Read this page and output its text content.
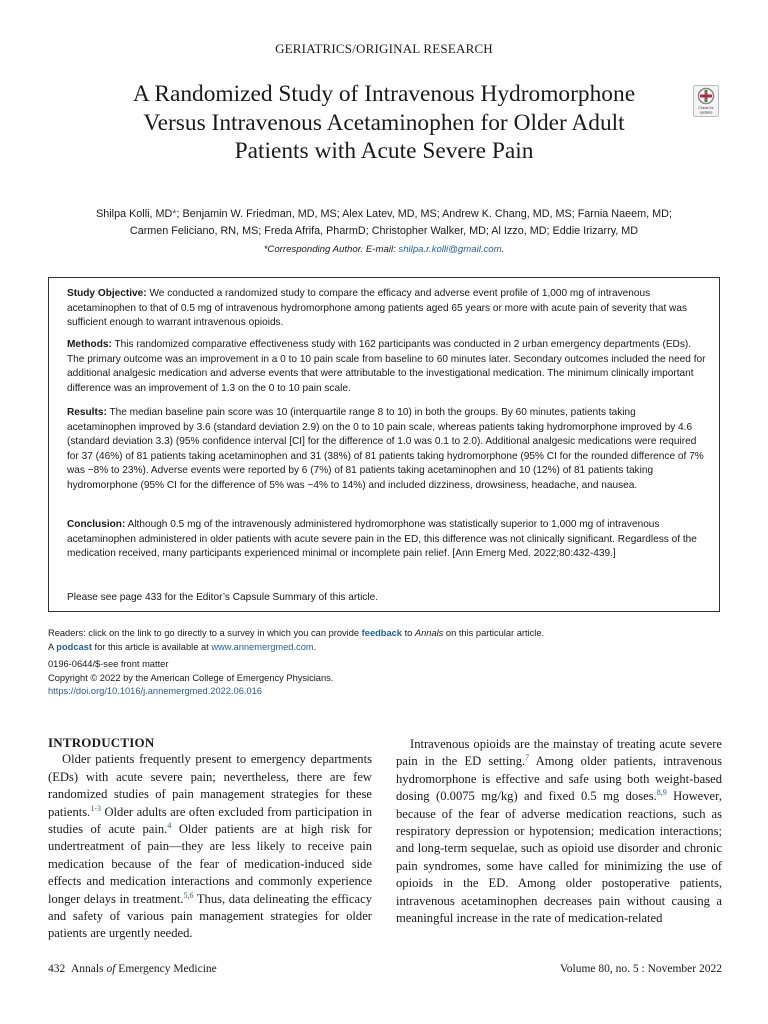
GERIATRICS/ORIGINAL RESEARCH
A Randomized Study of Intravenous Hydromorphone Versus Intravenous Acetaminophen for Older Adult Patients with Acute Severe Pain
Check for
updates
Shilpa Kolli, MD*; Benjamin W. Friedman, MD, MS; Alex Latev, MD, MS; Andrew K. Chang, MD, MS; Farnia Naeem, MD;
Carmen Feliciano, RN, MS; Freda Afrifa, PharmD; Christopher Walker, MD; Al Izzo, MD; Eddie Irizarry, MD
*Corresponding Author. E-mail: shilpa.r.kolli@gmail.com.
Study Objective: We conducted a randomized study to compare the efficacy and adverse event profile of 1,000 mg of intravenous acetaminophen to that of 0.5 mg of intravenous hydromorphone among patients aged 65 years or more with acute pain of severity that was sufficient enough to warrant intravenous opioids.
Methods: This randomized comparative effectiveness study with 162 participants was conducted in 2 urban emergency departments (EDs). The primary outcome was an improvement in a 0 to 10 pain scale from baseline to 60 minutes later. Secondary outcomes included the need for additional analgesic medication and adverse events that were attributable to the investigational medication. The minimum clinically important difference was an improvement of 1.3 on the 0 to 10 pain scale.
Results: The median baseline pain score was 10 (interquartile range 8 to 10) in both the groups. By 60 minutes, patients taking acetaminophen improved by 3.6 (standard deviation 2.9) on the 0 to 10 pain scale, whereas patients taking hydromorphone improved by 4.6 (standard deviation 3.3) (95% confidence interval [CI] for the difference of 1.0 was 0.1 to 2.0). Additional analgesic medications were required for 37 (46%) of 81 patients taking acetaminophen and 31 (38%) of 81 patients taking hydromorphone (95% CI for the rounded difference of 7% was −8% to 23%). Adverse events were reported by 6 (7%) of 81 patients taking acetaminophen and 10 (12%) of 81 patients taking hydromorphone (95% CI for the difference of 5% was −4% to 14%) and included dizziness, drowsiness, headache, and nausea.
Conclusion: Although 0.5 mg of the intravenously administered hydromorphone was statistically superior to 1,000 mg of intravenous acetaminophen administered in older patients with acute severe pain in the ED, this difference was not clinically significant. Regardless of the medication received, many participants experienced minimal or incomplete pain relief. [Ann Emerg Med. 2022;80:432-439.]
Please see page 433 for the Editor’s Capsule Summary of this article.
Readers: click on the link to go directly to a survey in which you can provide feedback to Annals on this particular article.
A podcast for this article is available at www.annemergmed.com.
0196-0644/$-see front matter
Copyright © 2022 by the American College of Emergency Physicians.
https://doi.org/10.1016/j.annemergmed.2022.06.016
INTRODUCTION
Older patients frequently present to emergency departments (EDs) with acute severe pain; nevertheless, there are few randomized studies of pain management strategies for these patients.$^{1-3}$ Older adults are often excluded from participation in studies of acute pain.$^4$ Older patients are at high risk for undertreatment of pain—they are less likely to receive pain medication because of the fear of medication-induced side effects and medication interactions and commonly experience longer delays in treatment.$^{5,6}$ Thus, data delineating the efficacy and safety of various pain management strategies for older patients are urgently needed.
Intravenous opioids are the mainstay of treating acute severe pain in the ED setting.$^7$ Among older patients, intravenous hydromorphone is effective and safe using both weight-based dosing (0.0075 mg/kg) and fixed 0.5 mg doses.$^{8,9}$ However, because of the fear of adverse medication reactions, such as respiratory depression or hypotension; medication interactions; and long-term sequelae, such as opioid use disorder and chronic pain syndromes, some have called for minimizing the use of opioids in the ED. Among older postoperative patients, intravenous acetaminophen decreases pain without causing a meaningful increase in the rate of medication-related
432 Annals of Emergency Medicine	Volume 80, no. 5 : November 2022
